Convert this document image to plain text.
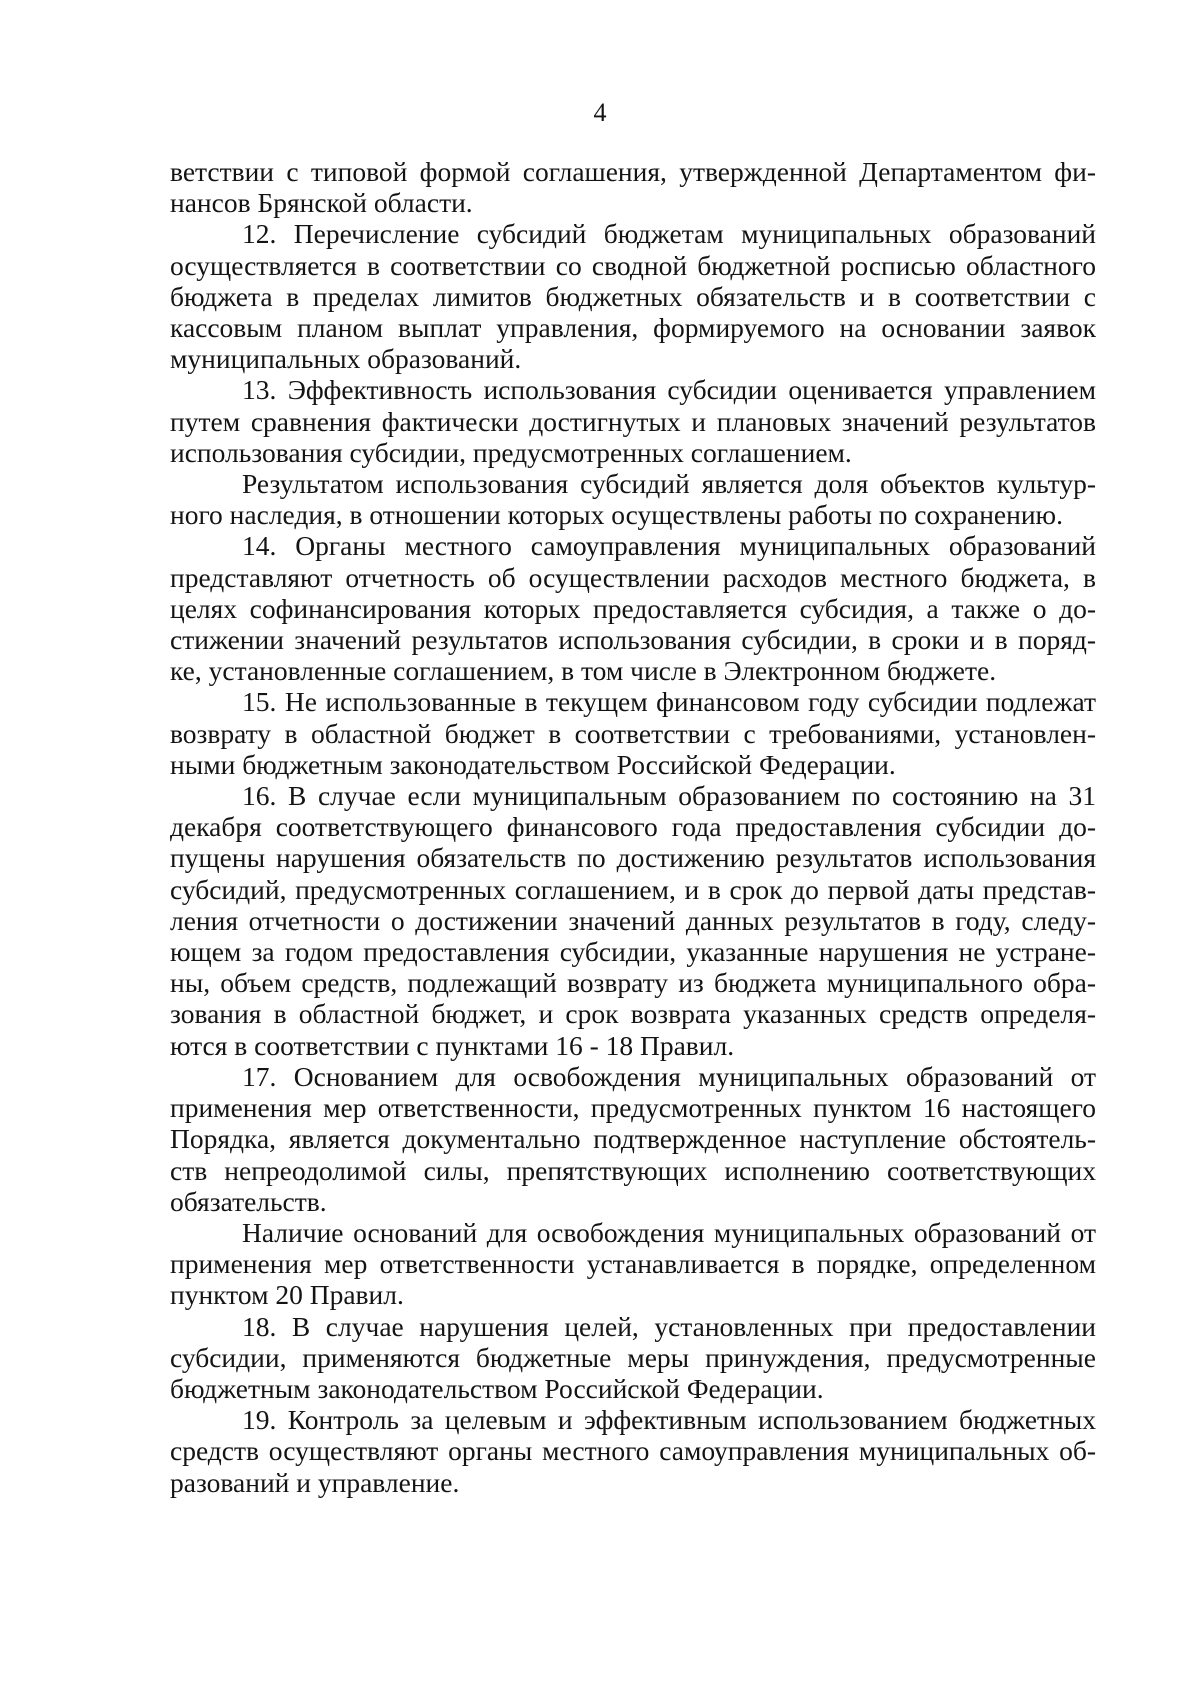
4
ветствии с типовой формой соглашения, утвержденной Департаментом фи-
нансов Брянской области.
12. Перечисление субсидий бюджетам муниципальных образований
осуществляется в соответствии со сводной бюджетной росписью областного
бюджета в пределах лимитов бюджетных обязательств и в соответствии с
кассовым планом выплат управления, формируемого на основании заявок
муниципальных образований.
13. Эффективность использования субсидии оценивается управлением
путем сравнения фактически достигнутых и плановых значений результатов
использования субсидии, предусмотренных соглашением.
Результатом использования субсидий является доля объектов культур-
ного наследия, в отношении которых осуществлены работы по сохранению.
14. Органы местного самоуправления муниципальных образований
представляют отчетность об осуществлении расходов местного бюджета, в
целях софинансирования которых предоставляется субсидия, а также о до-
стижении значений результатов использования субсидии, в сроки и в поряд-
ке, установленные соглашением, в том числе в Электронном бюджете.
15. Не использованные в текущем финансовом году субсидии подлежат
возврату в областной бюджет в соответствии с требованиями, установлен-
ными бюджетным законодательством Российской Федерации.
16. В случае если муниципальным образованием по состоянию на 31
декабря соответствующего финансового года предоставления субсидии до-
пущены нарушения обязательств по достижению результатов использования
субсидий, предусмотренных соглашением, и в срок до первой даты представ-
ления отчетности о достижении значений данных результатов в году, следу-
ющем за годом предоставления субсидии, указанные нарушения не устране-
ны, объем средств, подлежащий возврату из бюджета муниципального обра-
зования в областной бюджет, и срок возврата указанных средств определя-
ются в соответствии с пунктами 16 - 18 Правил.
17. Основанием для освобождения муниципальных образований от
применения мер ответственности, предусмотренных пунктом 16 настоящего
Порядка, является документально подтвержденное наступление обстоятель-
ств непреодолимой силы, препятствующих исполнению соответствующих
обязательств.
Наличие оснований для освобождения муниципальных образований от
применения мер ответственности устанавливается в порядке, определенном
пунктом 20 Правил.
18. В случае нарушения целей, установленных при предоставлении
субсидии, применяются бюджетные меры принуждения, предусмотренные
бюджетным законодательством Российской Федерации.
19. Контроль за целевым и эффективным использованием бюджетных
средств осуществляют органы местного самоуправления муниципальных об-
разований и управление.
